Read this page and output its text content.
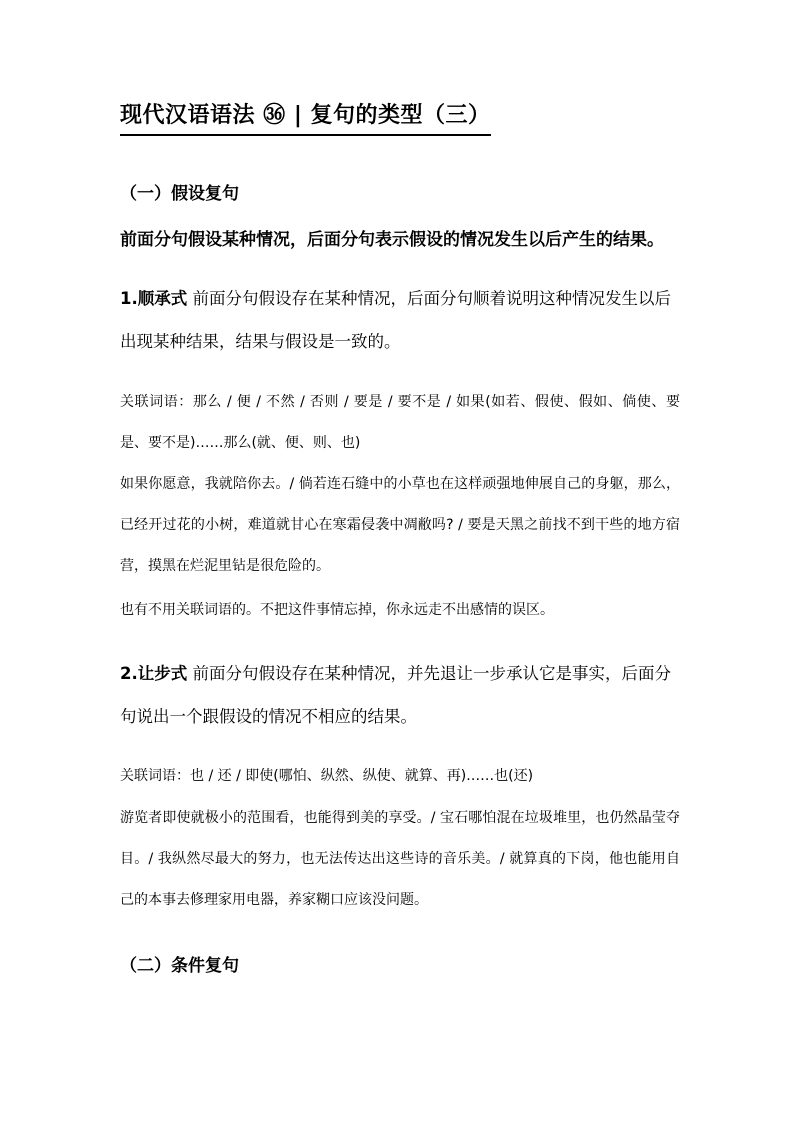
现代汉语语法 ㊱ | 复句的类型（三）
（一）假设复句
前面分句假设某种情况，后面分句表示假设的情况发生以后产生的结果。
1.顺承式 前面分句假设存在某种情况，后面分句顺着说明这种情况发生以后出现某种结果，结果与假设是一致的。
关联词语：那么 / 便 / 不然 / 否则 / 要是 / 要不是 / 如果(如若、假使、假如、倘使、要是、要不是)……那么(就、便、则、也)
如果你愿意，我就陪你去。/ 倘若连石缝中的小草也在这样顽强地伸展自己的身躯，那么，已经开过花的小树，难道就甘心在寒霜侵袭中凋敝吗? / 要是天黑之前找不到干些的地方宿营，摸黑在烂泥里钻是很危险的。
也有不用关联词语的。不把这件事情忘掉，你永远走不出感情的误区。
2.让步式 前面分句假设存在某种情况，并先退让一步承认它是事实，后面分句说出一个跟假设的情况不相应的结果。
关联词语：也 / 还 / 即使(哪怕、纵然、纵使、就算、再)……也(还)
游览者即使就极小的范围看，也能得到美的享受。/ 宝石哪怕混在垃圾堆里，也仍然晶莹夺目。/ 我纵然尽最大的努力，也无法传达出这些诗的音乐美。/ 就算真的下岗，他也能用自己的本事去修理家用电器，养家糊口应该没问题。
（二）条件复句
